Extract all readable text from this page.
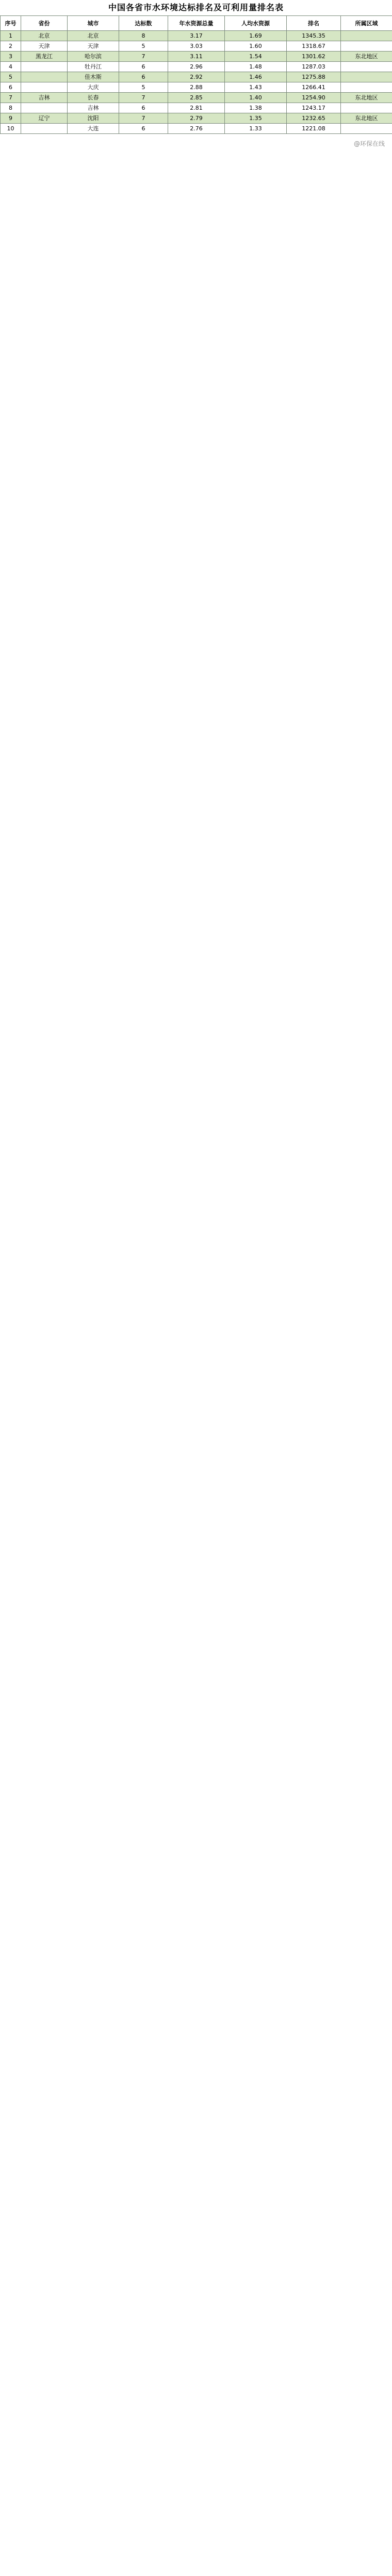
中国各省市水环境达标排名及可利用量排名表
序号	省份	城市	达标数	年水资源总量	人均水资源	排名	所属区域
1	北京	北京	8	3.17	1.69	1345.35	
2	天津	天津	5	3.03	1.60	1318.67	
3	黑龙江	哈尔滨	7	3.11	1.54	1301.62	东北地区
4		牡丹江	6	2.96	1.48	1287.03	
5		佳木斯	6	2.92	1.46	1275.88	
6		大庆	5	2.88	1.43	1266.41	
7	吉林	长春	7	2.85	1.40	1254.90	东北地区
8		吉林	6	2.81	1.38	1243.17	
9	辽宁	沈阳	7	2.79	1.35	1232.65	东北地区
10		大连	6	2.76	1.33	1221.08	
@环保在线
